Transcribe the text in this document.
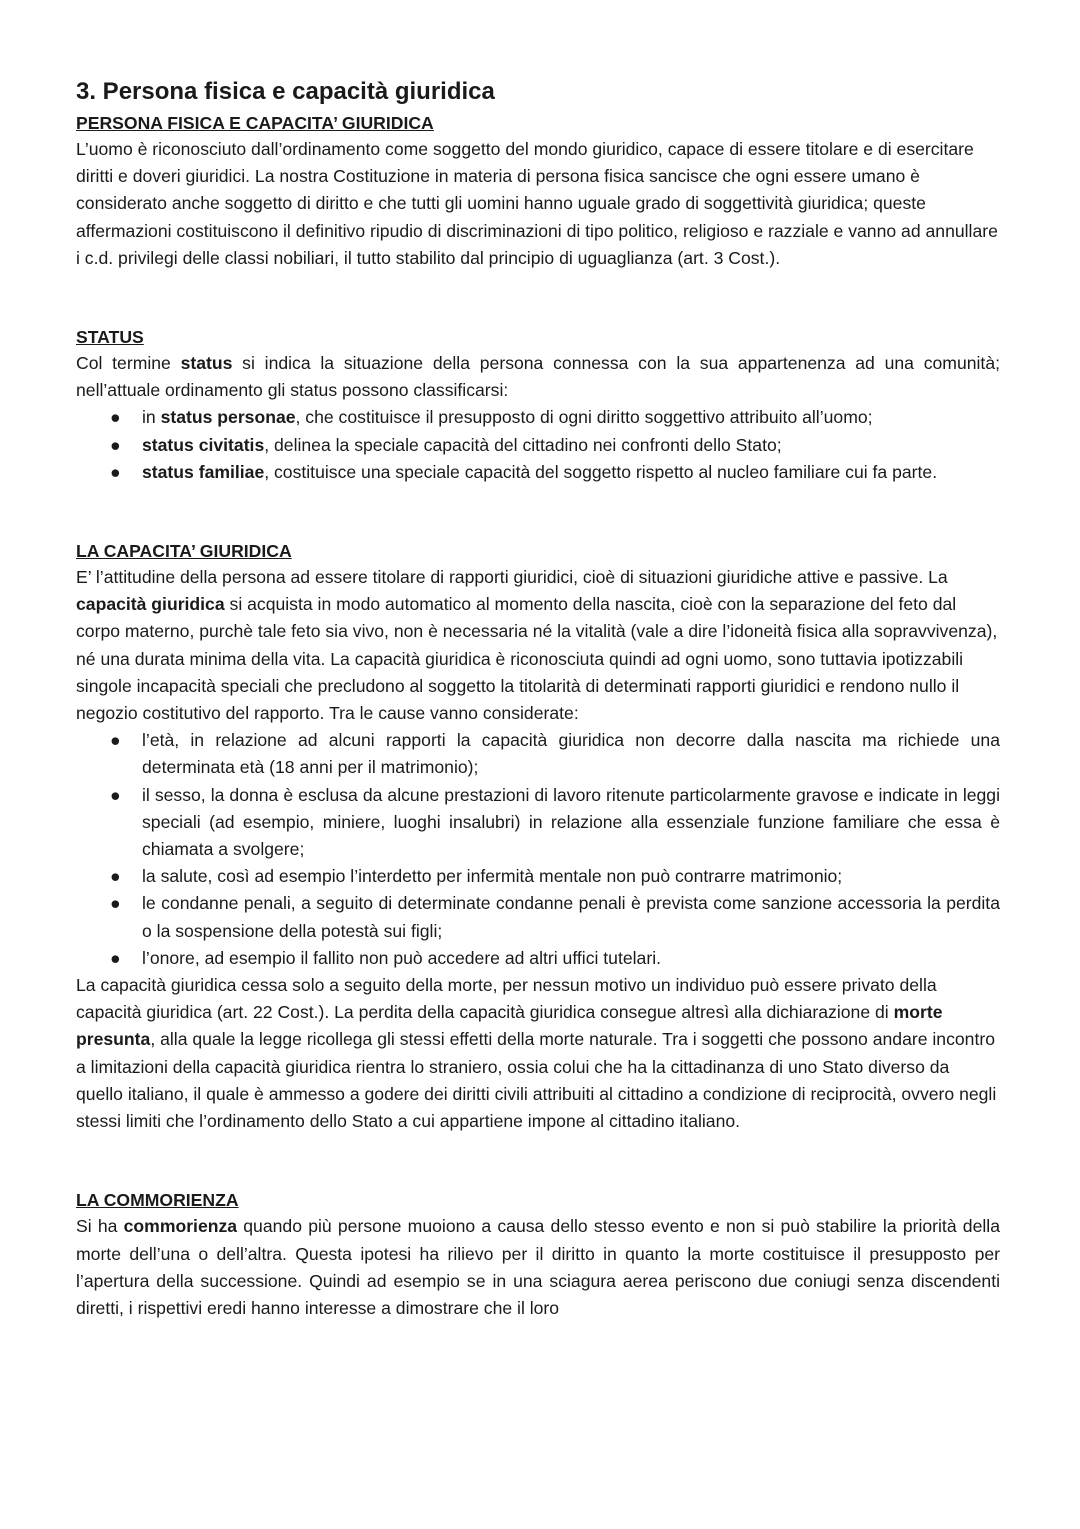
3. Persona fisica e capacità giuridica
PERSONA FISICA E CAPACITA’ GIURIDICA

L’uomo è riconosciuto dall’ordinamento come soggetto del mondo giuridico, capace di essere titolare e di esercitare diritti e doveri giuridici. La nostra Costituzione in materia di persona fisica sancisce che ogni essere umano è considerato anche soggetto di diritto e che tutti gli uomini hanno uguale grado di soggettività giuridica; queste affermazioni costituiscono il definitivo ripudio di discriminazioni di tipo politico, religioso e razziale e vanno ad annullare i c.d. privilegi delle classi nobiliari, il tutto stabilito dal principio di uguaglianza (art. 3 Cost.).

STATUS

Col termine status si indica la situazione della persona connessa con la sua appartenenza ad una comunità; nell’attuale ordinamento gli status possono classificarsi:

● in status personae, che costituisce il presupposto di ogni diritto soggettivo attribuito all’uomo;
● status civitatis, delinea la speciale capacità del cittadino nei confronti dello Stato;
● status familiae, costituisce una speciale capacità del soggetto rispetto al nucleo familiare cui fa parte.
LA CAPACITA’ GIURIDICA

E’ l’attitudine della persona ad essere titolare di rapporti giuridici, cioè di situazioni giuridiche attive e passive. La capacità giuridica si acquista in modo automatico al momento della nascita, cioè con la separazione del feto dal corpo materno, purchè tale feto sia vivo, non è necessaria né la vitalità (vale a dire l’idoneità fisica alla sopravvivenza), né una durata minima della vita. La capacità giuridica è riconosciuta quindi ad ogni uomo, sono tuttavia ipotizzabili singole incapacità speciali che precludono al soggetto la titolarità di determinati rapporti giuridici e rendono nullo il negozio costitutivo del rapporto. Tra le cause vanno considerate:

● l’età, in relazione ad alcuni rapporti la capacità giuridica non decorre dalla nascita ma richiede una determinata età (18 anni per il matrimonio);
● il sesso, la donna è esclusa da alcune prestazioni di lavoro ritenute particolarmente gravose e indicate in leggi speciali (ad esempio, miniere, luoghi insalubri) in relazione alla essenziale funzione familiare che essa è chiamata a svolgere;
● la salute, così ad esempio l’interdetto per infermità mentale non può contrarre matrimonio;
● le condanne penali, a seguito di determinate condanne penali è prevista come sanzione accessoria la perdita o la sospensione della potestà sui figli;
● l’onore, ad esempio il fallito non può accedere ad altri uffici tutelari.

La capacità giuridica cessa solo a seguito della morte, per nessun motivo un individuo può essere privato della capacità giuridica (art. 22 Cost.). La perdita della capacità giuridica consegue altresì alla dichiarazione di morte presunta, alla quale la legge ricollega gli stessi effetti della morte naturale. Tra i soggetti che possono andare incontro a limitazioni della capacità giuridica rientra lo straniero, ossia colui che ha la cittadinanza di uno Stato diverso da quello italiano, il quale è ammesso a godere dei diritti civili attribuiti al cittadino a condizione di reciprocità, ovvero negli stessi limiti che l’ordinamento dello Stato a cui appartiene impone al cittadino italiano.

LA COMMORIENZA

Si ha commorienza quando più persone muoiono a causa dello stesso evento e non si può stabilire la priorità della morte dell’una o dell’altra. Questa ipotesi ha rilievo per il diritto in quanto la morte costituisce il presupposto per l’apertura della successione. Quindi ad esempio se in una sciagura aerea periscono due coniugi senza discendenti diretti, i rispettivi eredi hanno interesse a dimostrare che il loro
